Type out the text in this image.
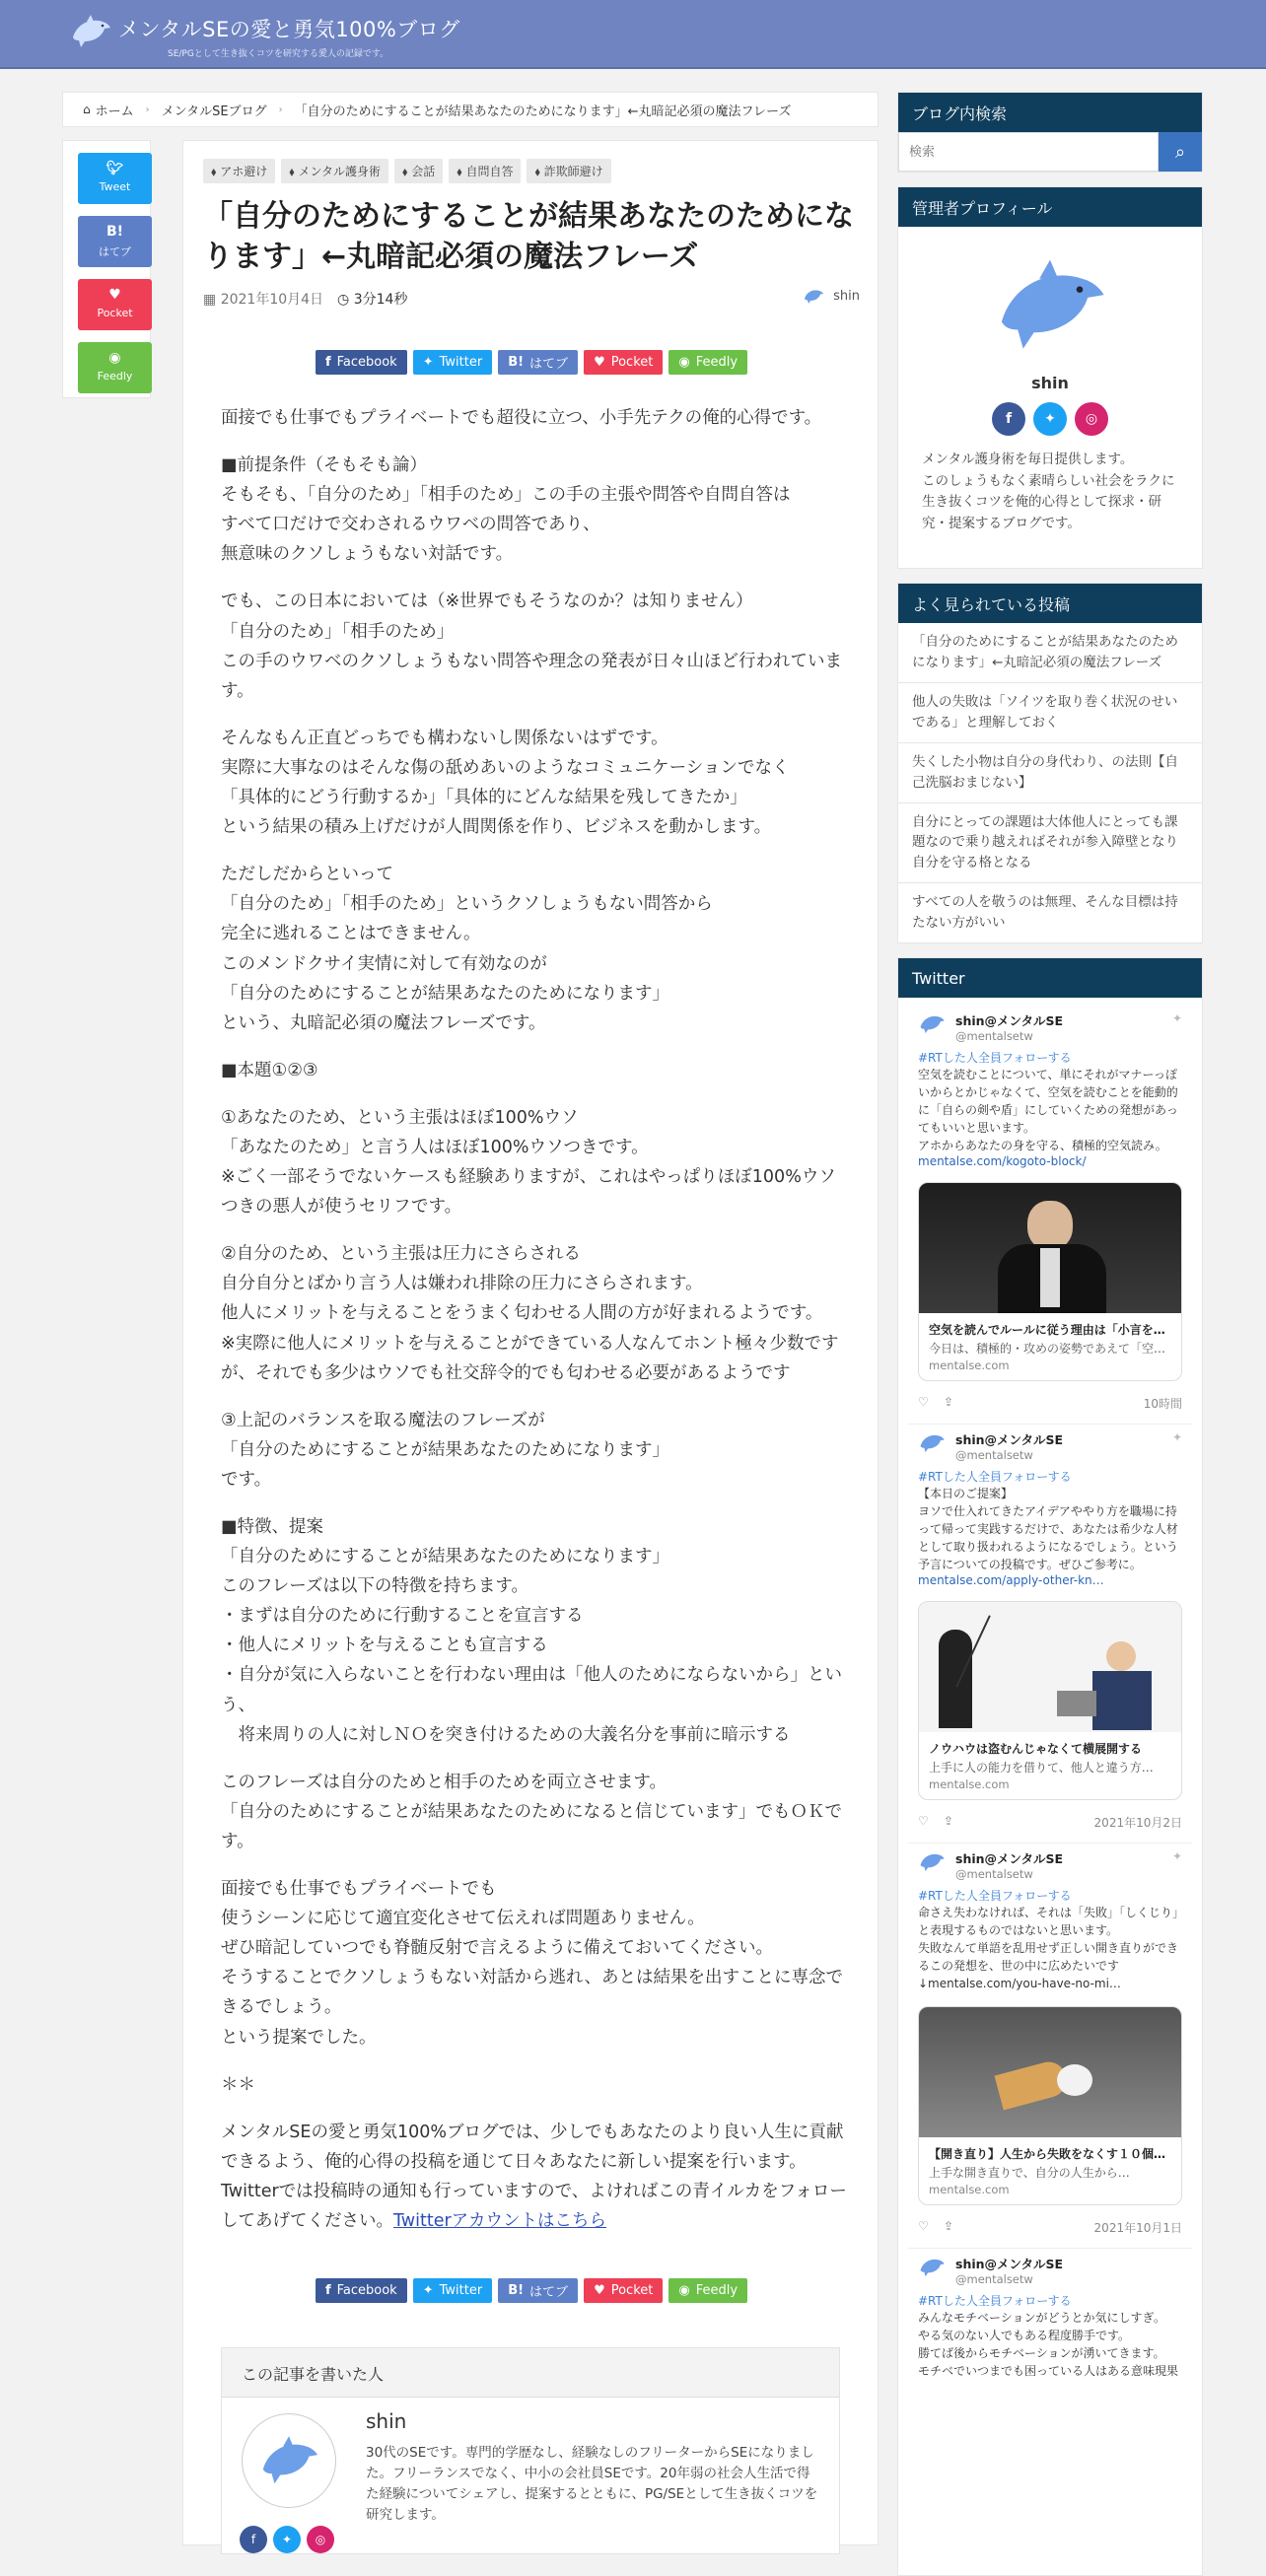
メンタルSEの愛と勇気100%ブログ
SE/PGとして生き抜くコツを研究する愛人の記録です。
⌂ ホーム › メンタルSEブログ › 「自分のためにすることが結果あなたのためになります」←丸暗記必須の魔法フレーズ
🐦︎
Tweet
B!
はてブ
♥
Pocket
◉
Feedly
⬧ アホ避け	⬧ メンタル護身術	⬧ 会話	⬧ 自問自答	⬧ 詐欺師避け
「自分のためにすることが結果あなたのためになります」←丸暗記必須の魔法フレーズ
▦ 2021年10月4日 ◷ 3分14秒	shin
f Facebook ✦ Twitter B! はてブ ♥ Pocket ◉ Feedly

面接でも仕事でもプライベートでも超役に立つ、小手先テクの俺的心得です。

■前提条件（そもそも論）
そもそも、「自分のため」「相手のため」この手の主張や問答や自問自答は
すべて口だけで交わされるウワベの問答であり、
無意味のクソしょうもない対話です。

でも、この日本においては（※世界でもそうなのか？は知りません）
「自分のため」「相手のため」
この手のウワベのクソしょうもない問答や理念の発表が日々山ほど行われています。

そんなもん正直どっちでも構わないし関係ないはずです。
実際に大事なのはそんな傷の舐めあいのようなコミュニケーションでなく
「具体的にどう行動するか」「具体的にどんな結果を残してきたか」
という結果の積み上げだけが人間関係を作り、ビジネスを動かします。

ただしだからといって
「自分のため」「相手のため」というクソしょうもない問答から
完全に逃れることはできません。
このメンドクサイ実情に対して有効なのが
「自分のためにすることが結果あなたのためになります」
という、丸暗記必須の魔法フレーズです。

■本題①②③

①あなたのため、という主張はほぼ100%ウソ
「あなたのため」と言う人はほぼ100%ウソつきです。
※ごく一部そうでないケースも経験ありますが、これはやっぱりほぼ100%ウソつきの悪人が使うセリフです。

②自分のため、という主張は圧力にさらされる
自分自分とばかり言う人は嫌われ排除の圧力にさらされます。
他人にメリットを与えることをうまく匂わせる人間の方が好まれるようです。
※実際に他人にメリットを与えることができている人なんてホント極々少数ですが、それでも多少はウソでも社交辞令的でも匂わせる必要があるようです

③上記のバランスを取る魔法のフレーズが
「自分のためにすることが結果あなたのためになります」
です。

■特徴、提案
「自分のためにすることが結果あなたのためになります」
このフレーズは以下の特徴を持ちます。
・まずは自分のために行動することを宣言する
・他人にメリットを与えることも宣言する
・自分が気に入らないことを行わない理由は「他人のためにならないから」という、
　将来周りの人に対しＮＯを突き付けるための大義名分を事前に暗示する

このフレーズは自分のためと相手のためを両立させます。
「自分のためにすることが結果あなたのためになると信じています」でもＯＫです。

面接でも仕事でもプライベートでも
使うシーンに応じて適宜変化させて伝えれば問題ありません。
ぜひ暗記していつでも脊髄反射で言えるように備えておいてください。
そうすることでクソしょうもない対話から逃れ、あとは結果を出すことに専念できるでしょう。
という提案でした。

＊＊

メンタルSEの愛と勇気100%ブログでは、少しでもあなたのより良い人生に貢献できるよう、俺的心得の投稿を通じて日々あなたに新しい提案を行います。
Twitterでは投稿時の通知も行っていますので、よければこの青イルカをフォローしてあげてください。Twitterアカウントはこちら

f Facebook ✦ Twitter B! はてブ ♥ Pocket ◉ Feedly
この記事を書いた人
shin
30代のSEです。専門的学歴なし、経験なしのフリーターからSEになりました。フリーランスでなく、中小の会社員SEです。20年弱の社会人生活で得た経験についてシェアし、提案するとともに、PG/SEとして生き抜くコツを研究します。
f	✦	◎
ブログ内検索
検索
⌕
管理者プロフィール
shin
f	✦	◎
メンタル護身術を毎日提供します。
このしょうもなく素晴らしい社会をラクに生き抜くコツを俺的心得として探求・研究・提案するブログです。
よく見られている投稿
「自分のためにすることが結果あなたのためになります」←丸暗記必須の魔法フレーズ
他人の失敗は「ソイツを取り巻く状況のせいである」と理解しておく
失くした小物は自分の身代わり、の法則【自己洗脳おまじない】
自分にとっての課題は大体他人にとっても課題なので乗り越えればそれが参入障壁となり自分を守る格となる
すべての人を敬うのは無理、そんな目標は持たない方がいい
Twitter
shin@メンタルSE
@mentalsetw
✦
#RTした人全員フォローする
空気を読むことについて、単にそれがマナーっぽいからとかじゃなくて、空気を読むことを能動的に「自らの剣や盾」にしていくための発想があってもいいと思います。
アホからあなたの身を守る、積極的空気読み。
mentalse.com/kogoto-block/
空気を読んでルールに従う理由は「小言を…
今日は、積極的・攻めの姿勢であえて「空…
mentalse.com
♡ ⇪	10時間
shin@メンタルSE
@mentalsetw
✦
#RTした人全員フォローする
【本日のご提案】
ヨソで仕入れてきたアイデアややり方を職場に持って帰って実践するだけで、あなたは希少な人材として取り扱われるようになるでしょう。という予言についての投稿です。ぜひご参考に。
mentalse.com/apply-other-kn…
ノウハウは盗むんじゃなくて横展開する
上手に人の能力を借りて、他人と違う方…
mentalse.com
♡ ⇪	2021年10月2日
shin@メンタルSE
@mentalsetw
✦
#RTした人全員フォローする
命さえ失わなければ、それは「失敗」「しくじり」と表現するものではないと思います。
失敗なんて単語を乱用せず正しい開き直りができるこの発想を、世の中に広めたいです
↓mentalse.com/you-have-no-mi…
【開き直り】人生から失敗をなくす１０個…
上手な開き直りで、自分の人生から…
mentalse.com
♡ ⇪	2021年10月1日
shin@メンタルSE
@mentalsetw
#RTした人全員フォローする
みんなモチベーションがどうとか気にしすぎ。
やる気のない人でもある程度勝手です。
勝てば後からモチベーションが湧いてきます。
モチベでいつまでも困っている人はある意味現果
